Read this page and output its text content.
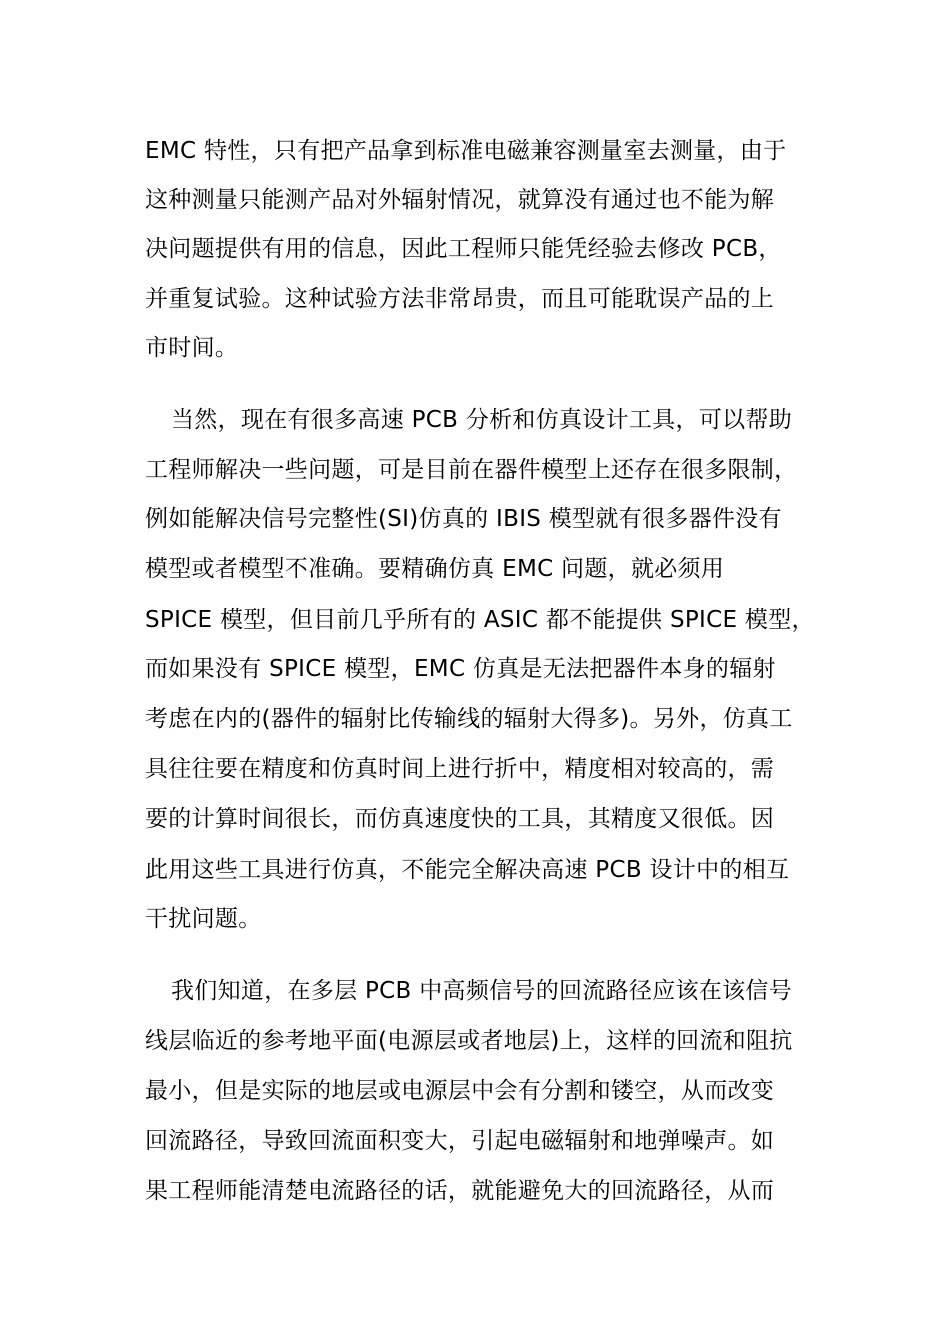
EMC 特性，只有把产品拿到标准电磁兼容测量室去测量，由于
这种测量只能测产品对外辐射情况，就算没有通过也不能为解
决问题提供有用的信息，因此工程师只能凭经验去修改 PCB，
并重复试验。这种试验方法非常昂贵，而且可能耽误产品的上
市时间。
当然，现在有很多高速 PCB 分析和仿真设计工具，可以帮助
工程师解决一些问题，可是目前在器件模型上还存在很多限制，
例如能解决信号完整性(SI)仿真的 IBIS 模型就有很多器件没有
模型或者模型不准确。要精确仿真 EMC 问题，就必须用
SPICE 模型，但目前几乎所有的 ASIC 都不能提供 SPICE 模型，
而如果没有 SPICE 模型，EMC 仿真是无法把器件本身的辐射
考虑在内的(器件的辐射比传输线的辐射大得多)。另外，仿真工
具往往要在精度和仿真时间上进行折中，精度相对较高的，需
要的计算时间很长，而仿真速度快的工具，其精度又很低。因
此用这些工具进行仿真，不能完全解决高速 PCB 设计中的相互
干扰问题。
我们知道，在多层 PCB 中高频信号的回流路径应该在该信号
线层临近的参考地平面(电源层或者地层)上，这样的回流和阻抗
最小，但是实际的地层或电源层中会有分割和镂空，从而改变
回流路径，导致回流面积变大，引起电磁辐射和地弹噪声。如
果工程师能清楚电流路径的话，就能避免大的回流路径，从而
